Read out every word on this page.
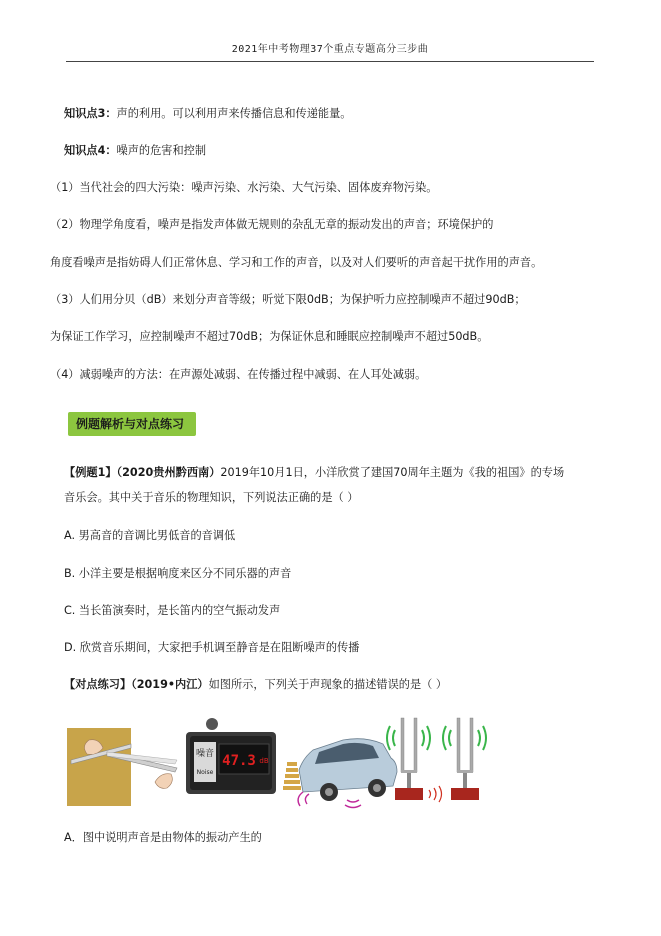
2021年中考物理37个重点专题高分三步曲
知识点3：声的利用。可以利用声来传播信息和传递能量。
知识点4：噪声的危害和控制
（1）当代社会的四大污染：噪声污染、水污染、大气污染、固体废弃物污染。
（2）物理学角度看，噪声是指发声体做无规则的杂乱无章的振动发出的声音；环境保护的
角度看噪声是指妨碍人们正常休息、学习和工作的声音，以及对人们要听的声音起干扰作用的声音。
（3）人们用分贝（dB）来划分声音等级；听觉下限0dB；为保护听力应控制噪声不超过90dB；
为保证工作学习，应控制噪声不超过70dB；为保证休息和睡眠应控制噪声不超过50dB。
（4）减弱噪声的方法：在声源处减弱、在传播过程中减弱、在人耳处减弱。
例题解析与对点练习
【例题1】（2020贵州黔西南）2019年10月1日，小洋欣赏了建国70周年主题为《我的祖国》的专场
音乐会。其中关于音乐的物理知识，下列说法正确的是（ ）
A. 男高音的音调比男低音的音调低
B. 小洋主要是根据响度来区分不同乐器的声音
C. 当长笛演奏时，是长笛内的空气振动发声
D. 欣赏音乐期间，大家把手机调至静音是在阻断噪声的传播
【对点练习】（2019•内江）如图所示，下列关于声现象的描述错误的是（ ）
噪音
Noise
47.3 dB
A．图中说明声音是由物体的振动产生的
